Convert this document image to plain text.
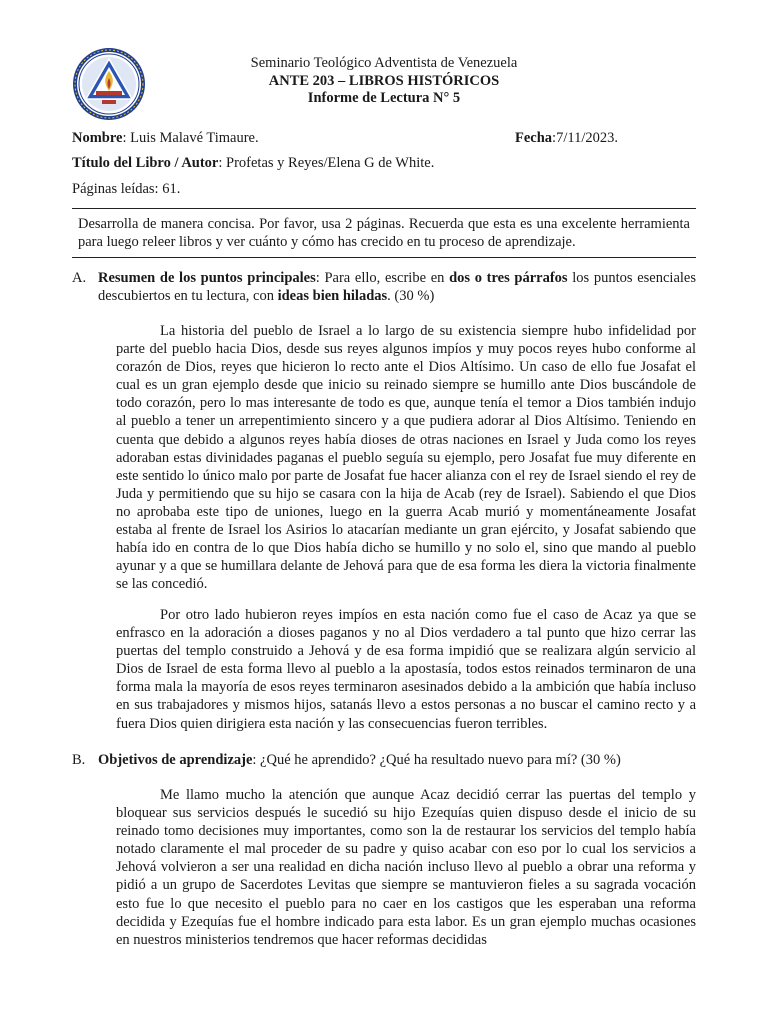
Seminario Teológico Adventista de Venezuela
ANTE 203 – LIBROS HISTÓRICOS
Informe de Lectura N° 5
Nombre: Luis Malavé Timaure.	Fecha:7/11/2023.
Título del Libro / Autor: Profetas y Reyes/Elena G de White.
Páginas leídas: 61.
Desarrolla de manera concisa. Por favor, usa 2 páginas. Recuerda que esta es una excelente herramienta para luego releer libros y ver cuánto y cómo has crecido en tu proceso de aprendizaje.
A. Resumen de los puntos principales: Para ello, escribe en dos o tres párrafos los puntos esenciales descubiertos en tu lectura, con ideas bien hiladas. (30 %)
La historia del pueblo de Israel a lo largo de su existencia siempre hubo infidelidad por parte del pueblo hacia Dios, desde sus reyes algunos impíos y muy pocos reyes hubo conforme al corazón de Dios, reyes que hicieron lo recto ante el Dios Altísimo. Un caso de ello fue Josafat el cual es un gran ejemplo desde que inicio su reinado siempre se humillo ante Dios buscándole de todo corazón, pero lo mas interesante de todo es que, aunque tenía el temor a Dios también indujo al pueblo a tener un arrepentimiento sincero y a que pudiera adorar al Dios Altísimo. Teniendo en cuenta que debido a algunos reyes había dioses de otras naciones en Israel y Juda como los reyes adoraban estas divinidades paganas el pueblo seguía su ejemplo, pero Josafat fue muy diferente en este sentido lo único malo por parte de Josafat fue hacer alianza con el rey de Israel siendo el rey de Juda y permitiendo que su hijo se casara con la hija de Acab (rey de Israel). Sabiendo el que Dios no aprobaba este tipo de uniones, luego en la guerra Acab murió y momentáneamente Josafat estaba al frente de Israel los Asirios lo atacarían mediante un gran ejército, y Josafat sabiendo que había ido en contra de lo que Dios había dicho se humillo y no solo el, sino que mando al pueblo ayunar y a que se humillara delante de Jehová para que de esa forma les diera la victoria finalmente se las concedió.
Por otro lado hubieron reyes impíos en esta nación como fue el caso de Acaz ya que se enfrasco en la adoración a dioses paganos y no al Dios verdadero a tal punto que hizo cerrar las puertas del templo construido a Jehová y de esa forma impidió que se realizara algún servicio al Dios de Israel de esta forma llevo al pueblo a la apostasía, todos estos reinados terminaron de una forma mala la mayoría de esos reyes terminaron asesinados debido a la ambición que había incluso en sus trabajadores y mismos hijos, satanás llevo a estos personas a no buscar el camino recto y a fuera Dios quien dirigiera esta nación y las consecuencias fueron terribles.
B. Objetivos de aprendizaje: ¿Qué he aprendido? ¿Qué ha resultado nuevo para mí? (30 %)
Me llamo mucho la atención que aunque Acaz decidió cerrar las puertas del templo y bloquear sus servicios después le sucedió su hijo Ezequías quien dispuso desde el inicio de su reinado tomo decisiones muy importantes, como son la de restaurar los servicios del templo había notado claramente el mal proceder de su padre y quiso acabar con eso por lo cual los servicios a Jehová volvieron a ser una realidad en dicha nación incluso llevo al pueblo a obrar una reforma y pidió a un grupo de Sacerdotes Levitas que siempre se mantuvieron fieles a su sagrada vocación esto fue lo que necesito el pueblo para no caer en los castigos que les esperaban una reforma decidida y Ezequías fue el hombre indicado para esta labor. Es un gran ejemplo muchas ocasiones en nuestros ministerios tendremos que hacer reformas decididas
